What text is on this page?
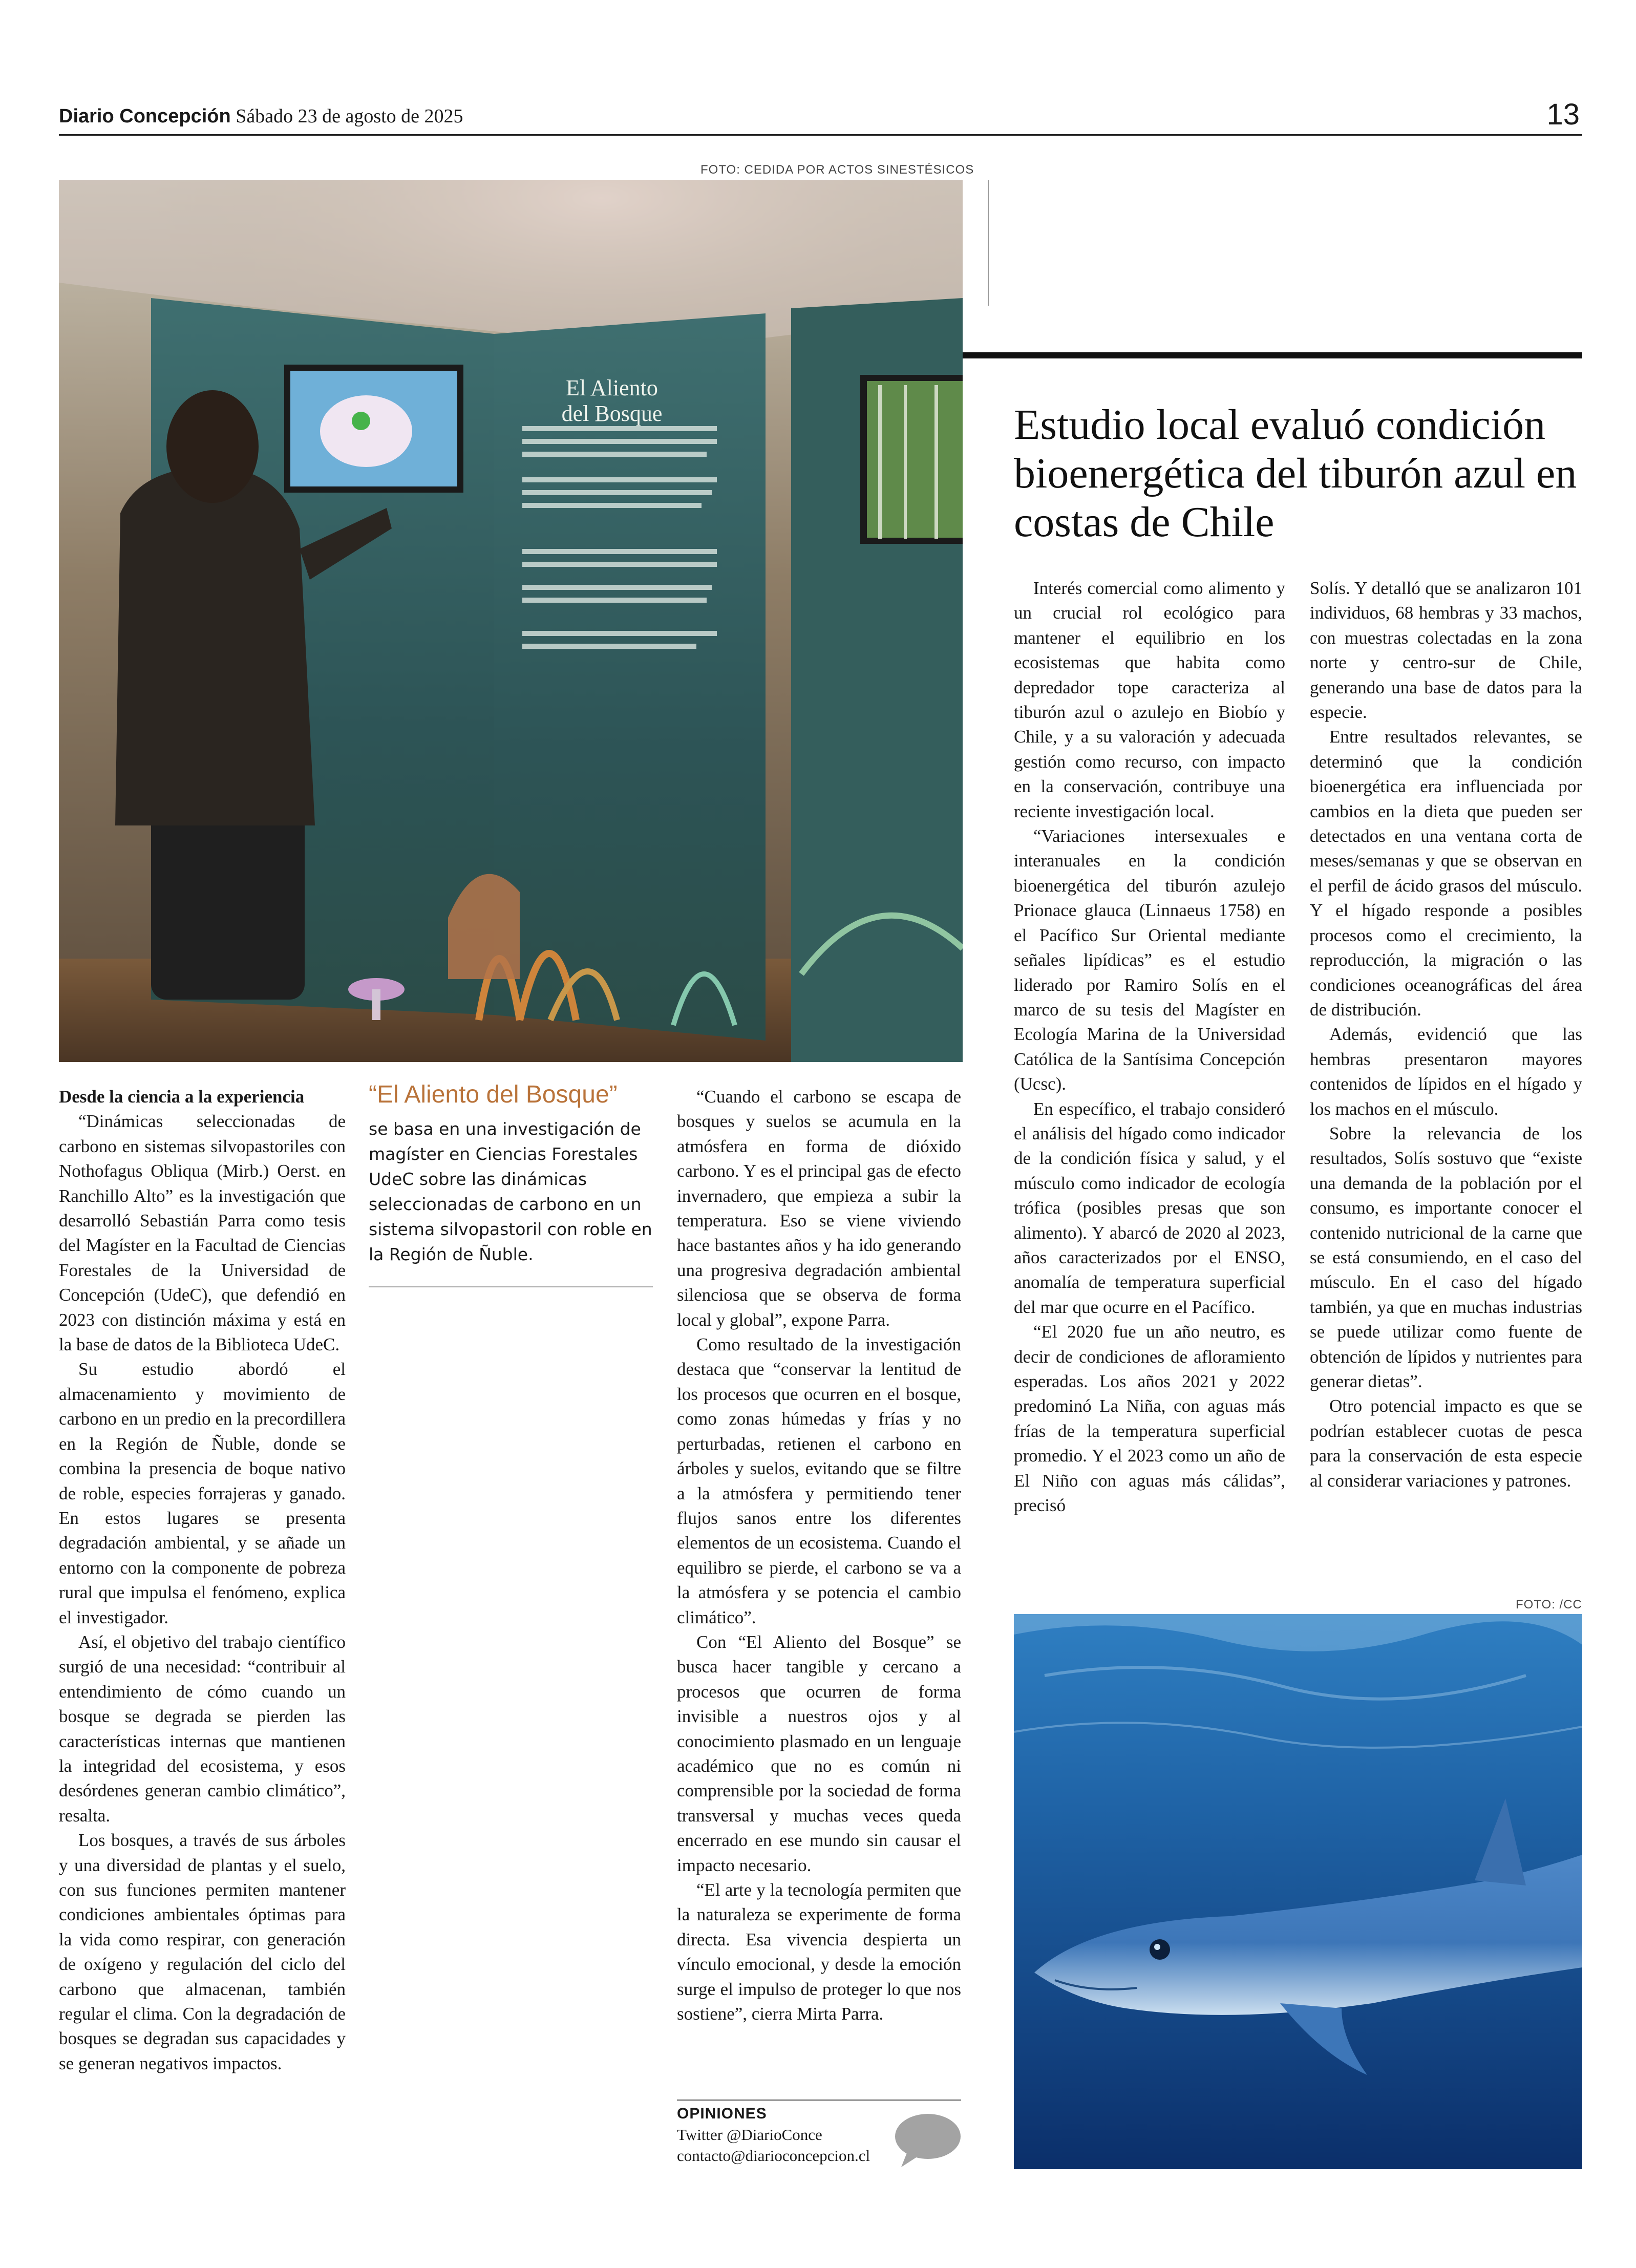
Diario Concepción Sábado 23 de agosto de 2025	13
FOTO: CEDIDA POR ACTOS SINESTÉSICOS
El Aliento
del Bosque	Estudio local evaluó condición bioenergética del tiburón azul en costas de Chile

Desde la ciencia a la experiencia

“Dinámicas seleccionadas de carbono en sistemas silvopastoriles con Nothofagus Obliqua (Mirb.) Oerst. en Ranchillo Alto” es la investigación que desarrolló Sebastián Parra como tesis del Magíster en la Facultad de Ciencias Forestales de la Universidad de Concepción (UdeC), que defendió en 2023 con distinción máxima y está en la base de datos de la Biblioteca UdeC.

Su estudio abordó el almacenamiento y movimiento de carbono en un predio en la precordillera en la Región de Ñuble, donde se combina la presencia de boque nativo de roble, especies forrajeras y ganado. En estos lugares se presenta degradación ambiental, y se añade un entorno con la componente de pobreza rural que impulsa el fenómeno, explica el investigador.

Así, el objetivo del trabajo científico surgió de una necesidad: “contribuir al entendimiento de cómo cuando un bosque se degrada se pierden las características internas que mantienen la integridad del ecosistema, y esos desórdenes generan cambio climático”, resalta.

Los bosques, a través de sus árboles y una diversidad de plantas y el suelo, con sus funciones permiten mantener condiciones ambientales óptimas para la vida como respirar, con generación de oxígeno y regulación del ciclo del carbono que almacenan, también regular el clima. Con la degradación de bosques se degradan sus capacidades y se generan negativos impactos.

“El Aliento del Bosque”
se basa en una investigación de magíster en Ciencias Forestales UdeC sobre las dinámicas seleccionadas de carbono en un sistema silvopastoril con roble en la Región de Ñuble.

“Cuando el carbono se escapa de bosques y suelos se acumula en la atmósfera en forma de dióxido carbono. Y es el principal gas de efecto invernadero, que empieza a subir la temperatura. Eso se viene viviendo hace bastantes años y ha ido generando una progresiva degradación ambiental silenciosa que se observa de forma local y global”, expone Parra.

Como resultado de la investigación destaca que “conservar la lentitud de los procesos que ocurren en el bosque, como zonas húmedas y frías y no perturbadas, retienen el carbono en árboles y suelos, evitando que se filtre a la atmósfera y permitiendo tener flujos sanos entre los diferentes elementos de un ecosistema. Cuando el equilibro se pierde, el carbono se va a la atmósfera y se potencia el cambio climático”.

Con “El Aliento del Bosque” se busca hacer tangible y cercano a procesos que ocurren de forma invisible a nuestros ojos y al conocimiento plasmado en un lenguaje académico que no es común ni comprensible por la sociedad de forma transversal y muchas veces queda encerrado en ese mundo sin causar el impacto necesario.

“El arte y la tecnología permiten que la naturaleza se experimente de forma directa. Esa vivencia despierta un vínculo emocional, y desde la emoción surge el impulso de proteger lo que nos sostiene”, cierra Mirta Parra.

OPINIONES
Twitter @DiarioConce
contacto@diarioconcepcion.cl

Interés comercial como alimento y un crucial rol ecológico para mantener el equilibrio en los ecosistemas que habita como depredador tope caracteriza al tiburón azul o azulejo en Biobío y Chile, y a su valoración y adecuada gestión como recurso, con impacto en la conservación, contribuye una reciente investigación local.

“Variaciones intersexuales e interanuales en la condición bioenergética del tiburón azulejo Prionace glauca (Linnaeus 1758) en el Pacífico Sur Oriental mediante señales lipídicas” es el estudio liderado por Ramiro Solís en el marco de su tesis del Magíster en Ecología Marina de la Universidad Católica de la Santísima Concepción (Ucsc).

En específico, el trabajo consideró el análisis del hígado como indicador de la condición física y salud, y el músculo como indicador de ecología trófica (posibles presas que son alimento). Y abarcó de 2020 al 2023, años caracterizados por el ENSO, anomalía de temperatura superficial del mar que ocurre en el Pacífico.

“El 2020 fue un año neutro, es decir de condiciones de afloramiento esperadas. Los años 2021 y 2022 predominó La Niña, con aguas más frías de la temperatura superficial promedio. Y el 2023 como un año de El Niño con aguas más cálidas”, precisó

Solís. Y detalló que se analizaron 101 individuos, 68 hembras y 33 machos, con muestras colectadas en la zona norte y centro-sur de Chile, generando una base de datos para la especie.

Entre resultados relevantes, se determinó que la condición bioenergética era influenciada por cambios en la dieta que pueden ser detectados en una ventana corta de meses/semanas y que se observan en el perfil de ácido grasos del músculo. Y el hígado responde a posibles procesos como el crecimiento, la reproducción, la migración o las condiciones oceanográficas del área de distribución.

Además, evidenció que las hembras presentaron mayores contenidos de lípidos en el hígado y los machos en el músculo.

Sobre la relevancia de los resultados, Solís sostuvo que “existe una demanda de la población por el consumo, es importante conocer el contenido nutricional de la carne que se está consumiendo, en el caso del músculo. En el caso del hígado también, ya que en muchas industrias se puede utilizar como fuente de obtención de lípidos y nutrientes para generar dietas”.

Otro potencial impacto es que se podrían establecer cuotas de pesca para la conservación de esta especie al considerar variaciones y patrones.

FOTO: /CC
